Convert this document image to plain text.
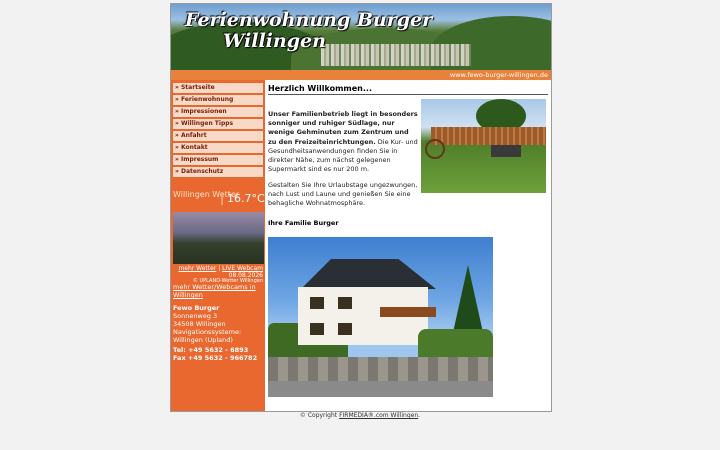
Ferienwohnung Burger
Willingen
www.fewo-burger-willingen.de
» Startseite
» Ferienwohnung
» Impressionen
» Willingen Tipps
» Anfahrt
» Kontakt
» Impressum
» Datenschutz
Willingen Wetter
16.7°C
mehr Wetter | LIVE Webcam
08.08.2026
© UPLAND-Wetter Willingen
mehr Wetter/Webcams in Willingen
Fewo Burger
Sonnenweg 3
34508 Willingen
Navigationssysteme:
Willingen (Upland)
Tel: +49 5632 - 6893
Fax +49 5632 - 966782
Herzlich Willkommen...
Unser Familienbetrieb liegt in besonders sonniger und ruhiger Südlage, nur wenige Gehminuten zum Zentrum und zu den Freizeiteinrichtungen. Die Kur- und Gesundheitsanwendungen finden Sie in direkter Nähe, zum nächst gelegenen Supermarkt sind es nur 200 m.
Gestalten Sie Ihre Urlaubstage ungezwungen, nach Lust und Laune und genießen Sie eine behagliche Wohnatmosphäre.
Ihre Familie Burger
© Copyright FIRMEDIA®.com Willingen.
